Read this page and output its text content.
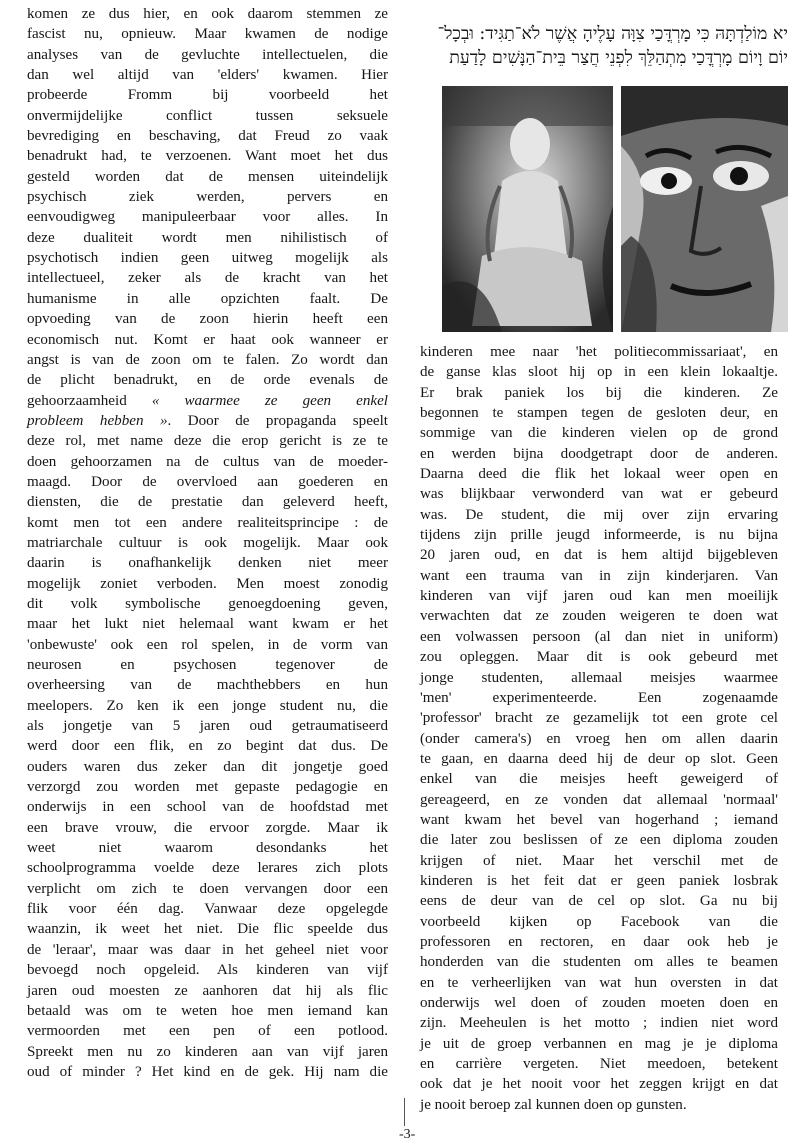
komen ze dus hier, en ook daarom stemmen ze

fascist nu, opnieuw. Maar kwamen de nodige

analyses van de gevluchte intellectuelen, die

dan wel altijd van 'elders' kwamen. Hier

probeerde Fromm bij voorbeeld het

onvermijdelijke conflict tussen seksuele

bevrediging en beschaving, dat Freud zo vaak

benadrukt had, te verzoenen. Want moet het dus

gesteld worden dat de mensen uiteindelijk

psychisch ziek werden, pervers en

eenvoudigweg manipuleerbaar voor alles. In

deze dualiteit wordt men nihilistisch of

psychotisch indien geen uitweg mogelijk als

intellectueel, zeker als de kracht van het

humanisme in alle opzichten faalt. De

opvoeding van de zoon hierin heeft een

economisch nut. Komt er haat ook wanneer er

angst is van de zoon om te falen. Zo wordt dan

de plicht benadrukt, en de orde evenals de

gehoorzaamheid « waarmee ze geen enkel

probleem hebben ». Door de propaganda speelt

deze rol, met name deze die erop gericht is ze te

doen gehoorzamen na de cultus van de moeder-

maagd. Door de overvloed aan goederen en

diensten, die de prestatie dan geleverd heeft,

komt men tot een andere realiteitsprincipe : de

matriarchale cultuur is ook mogelijk. Maar ook

daarin is onafhankelijk denken niet meer

mogelijk zoniet verboden. Men moest zonodig

dit volk symbolische genoegdoening geven,

maar het lukt niet helemaal want kwam er het

'onbewuste' ook een rol spelen, in de vorm van

neurosen en psychosen tegenover de

overheersing van de machthebbers en hun

meelopers. Zo ken ik een jonge student nu, die

als jongetje van 5 jaren oud getraumatiseerd

werd door een flik, en zo begint dat dus. De

ouders waren dus zeker dan dit jongetje goed

verzorgd zou worden met gepaste pedagogie en

onderwijs in een school van de hoofdstad met

een brave vrouw, die ervoor zorgde. Maar ik

weet niet waarom desondanks het

schoolprogramma voelde deze lerares zich plots

verplicht om zich te doen vervangen door een

flik voor één dag. Vanwaar deze opgelegde

waanzin, ik weet het niet. Die flic speelde dus

de 'leraar', maar was daar in het geheel niet voor

bevoegd noch opgeleid. Als kinderen van vijf

jaren oud moesten ze aanhoren dat hij als flic

betaald was om te weten hoe men iemand kan

vermoorden met een pen of een potlood.

Spreekt men nu zo kinderen aan van vijf jaren

oud of minder ? Het kind en de gek. Hij nam die

יא מוֹלַדְתָּהּ כִּי מָרְדֳּכַי צִוָּה עָלֶיהָ אֲשֶׁר לֹא־תַגִּיד: וּבְכָל־
יוֹם וָיוֹם מָרְדֳּכַי מִתְהַלֵּךְ לִפְנֵי חֲצַר בֵּית־הַנָּשִׁים לָדַעַת

kinderen mee naar 'het politiecommissariaat', en

de ganse klas sloot hij op in een klein lokaaltje.

Er brak paniek los bij die kinderen. Ze

begonnen te stampen tegen de gesloten deur, en

sommige van die kinderen vielen op de grond

en werden bijna doodgetrapt door de anderen.

Daarna deed die flik het lokaal weer open en

was blijkbaar verwonderd van wat er gebeurd

was. De student, die mij over zijn ervaring

tijdens zijn prille jeugd informeerde, is nu bijna

20 jaren oud, en dat is hem altijd bijgebleven

want een trauma van in zijn kinderjaren. Van

kinderen van vijf jaren oud kan men moeilijk

verwachten dat ze zouden weigeren te doen wat

een volwassen persoon (al dan niet in uniform)

zou opleggen. Maar dit is ook gebeurd met

jonge studenten, allemaal meisjes waarmee

'men' experimenteerde. Een zogenaamde

'professor' bracht ze gezamelijk tot een grote cel

(onder camera's) en vroeg hen om allen daarin

te gaan, en daarna deed hij de deur op slot. Geen

enkel van die meisjes heeft geweigerd of

gereageerd, en ze vonden dat allemaal 'normaal'

want kwam het bevel van hogerhand ; iemand

die later zou beslissen of ze een diploma zouden

krijgen of niet. Maar het verschil met de

kinderen is het feit dat er geen paniek losbrak

eens de deur van de cel op slot. Ga nu bij

voorbeeld kijken op Facebook van die

professoren en rectoren, en daar ook heb je

honderden van die studenten om alles te beamen

en te verheerlijken van wat hun oversten in dat

onderwijs wel doen of zouden moeten doen en

zijn. Meeheulen is het motto ; indien niet word

je uit de groep verbannen en mag je je diploma

en carrière vergeten. Niet meedoen, betekent

ook dat je het nooit voor het zeggen krijgt en dat

je nooit beroep zal kunnen doen op gunsten.

-3-
